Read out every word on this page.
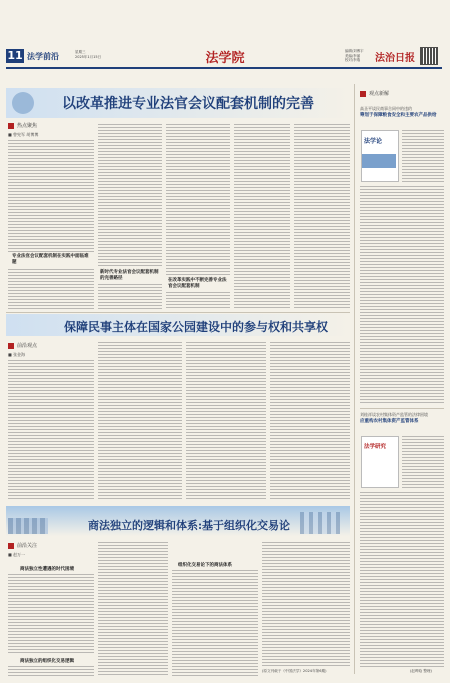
11 法学前沿	星期三
2025年1月15日	法学院	编辑/刘博宇
美编/李丽
校对/李瑞	法治日报
以改革推进专业法官会议配套机制的完善
热点聚焦
■ 曾宪军 胡博博
专业法官会议配套机制在实践中面临难题
新时代专业法官会议配套机制的完善路径	在改革实践中不断完善专业法官会议配套机制
观点新解
高圣平谈民商事合同中的违约
筹划于保障粮食安全和主要农产品供给
法学论
刘桂祥谈农村集体资产监管的法律困境
应重构农村集体资产监管体系
法学研究
保障民事主体在国家公园建设中的参与权和共享权
前沿观点
■ 张金海
商法独立的逻辑和体系:基于组织化交易论
前沿关注
■ 赵万一
商法独立性遭遇的时代困境
商法独立的组织化交易逻辑
组织化交易论下的商法体系
(原文刊载于《中国法学》2024年第6期)	(赵晔晗 整理)
